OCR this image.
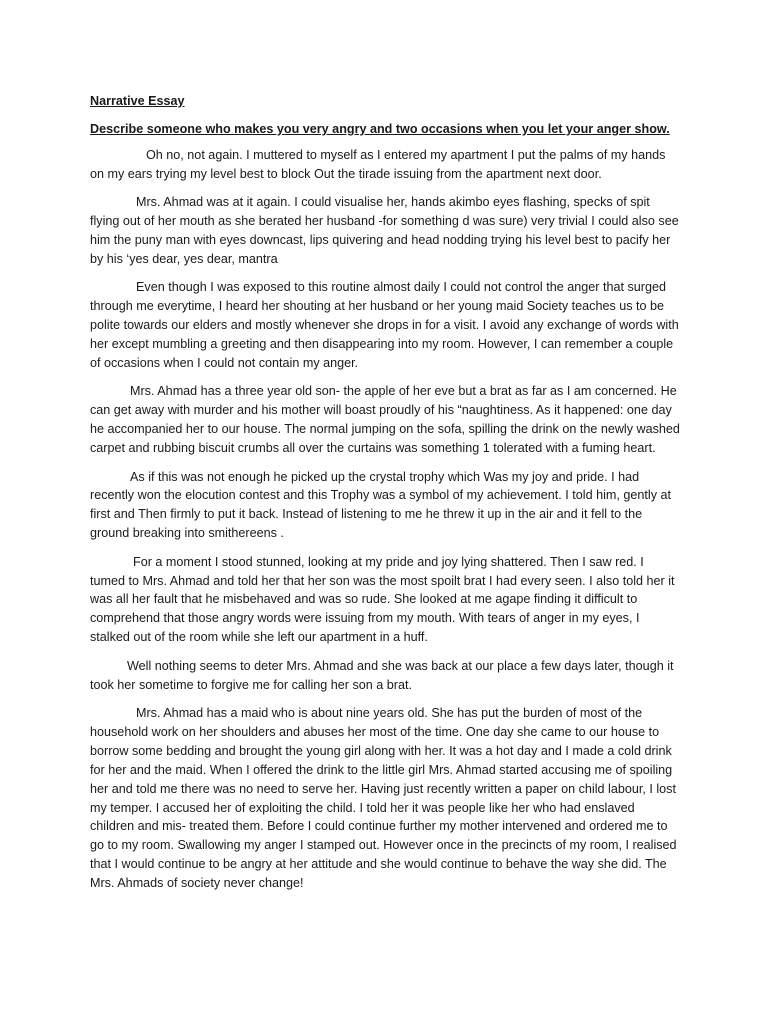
Narrative Essay
Describe someone who makes you very angry and two occasions when you let your anger show.

Oh no, not again. I muttered to myself as I entered my apartment I put the palms of my hands on my ears trying my level best to block Out the tirade issuing from the apartment next door.

Mrs. Ahmad was at it again. I could visualise her, hands akimbo eyes flashing, specks of spit flying out of her mouth as she berated her husband -for something d was sure) very trivial I could also see him the puny man with eyes downcast, lips quivering and head nodding trying his level best to pacify her by his ‘yes dear, yes dear, mantra

Even though I was exposed to this routine almost daily I could not control the anger that surged through me everytime, I heard her shouting at her husband or her young maid Society teaches us to be polite towards our elders and mostly whenever she drops in for a visit. I avoid any exchange of words with her except mumbling a greeting and then disappearing into my room. However, I can remember a couple of occasions when I could not contain my anger.

Mrs. Ahmad has a three year old son- the apple of her eve but a brat as far as I am concerned. He can get away with murder and his mother will boast proudly of his “naughtiness. As it happened: one day he accompanied her to our house. The normal jumping on the sofa, spilling the drink on the newly washed carpet and rubbing biscuit crumbs all over the curtains was something 1 tolerated with a fuming heart.

As if this was not enough he picked up the crystal trophy which Was my joy and pride. I had recently won the elocution contest and this Trophy was a symbol of my achievement. I told him, gently at first and Then firmly to put it back. Instead of listening to me he threw it up in the air and it fell to the ground breaking into smithereens .

For a moment I stood stunned, looking at my pride and joy lying shattered. Then I saw red. I tumed to Mrs. Ahmad and told her that her son was the most spoilt brat I had every seen. I also told her it was all her fault that he misbehaved and was so rude. She looked at me agape finding it difficult to comprehend that those angry words were issuing from my mouth. With tears of anger in my eyes, I stalked out of the room while she left our apartment in a huff.

Well nothing seems to deter Mrs. Ahmad and she was back at our place a few days later, though it took her sometime to forgive me for calling her son a brat.

Mrs. Ahmad has a maid who is about nine years old. She has put the burden of most of the household work on her shoulders and abuses her most of the time. One day she came to our house to borrow some bedding and brought the young girl along with her. It was a hot day and I made a cold drink for her and the maid. When I offered the drink to the little girl Mrs. Ahmad started accusing me of spoiling her and told me there was no need to serve her. Having just recently written a paper on child labour, I lost my temper. I accused her of exploiting the child. I told her it was people like her who had enslaved children and mis- treated them. Before I could continue further my mother intervened and ordered me to go to my room. Swallowing my anger I stamped out. However once in the precincts of my room, I realised that I would continue to be angry at her attitude and she would continue to behave the way she did. The Mrs. Ahmads of society never change!
